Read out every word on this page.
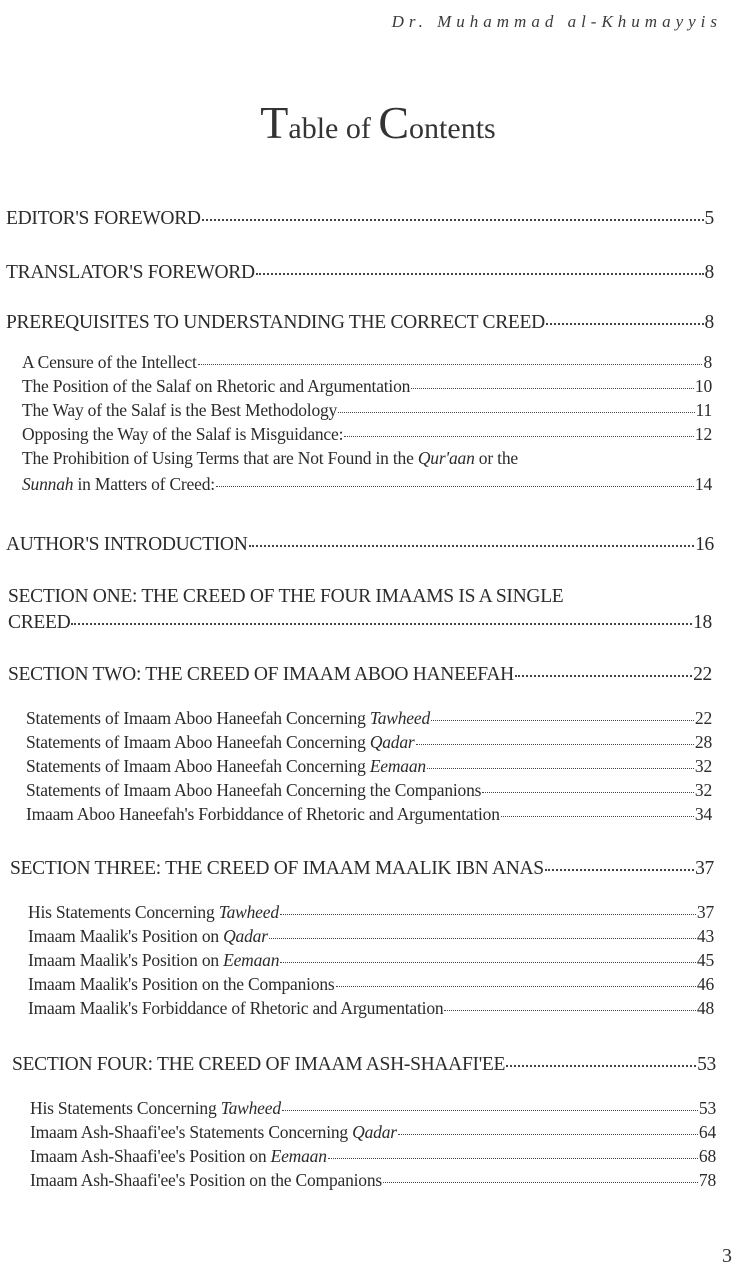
Dr. Muhammad al-Khumayyis
Table of Contents
EDITOR'S FOREWORD	5
TRANSLATOR'S FOREWORD	8
PREREQUISITES TO UNDERSTANDING THE CORRECT CREED	8
A Censure of the Intellect	8
The Position of the Salaf on Rhetoric and Argumentation	10
The Way of the Salaf is the Best Methodology	11
Opposing the Way of the Salaf is Misguidance:	12
The Prohibition of Using Terms that are Not Found in the Qur'aan or the
Sunnah in Matters of Creed:	14
AUTHOR'S INTRODUCTION	16
SECTION ONE: THE CREED OF THE FOUR IMAAMS IS A SINGLE
CREED	18
SECTION TWO: THE CREED OF IMAAM ABOO HANEEFAH	22
Statements of Imaam Aboo Haneefah Concerning Tawheed	22
Statements of Imaam Aboo Haneefah Concerning Qadar	28
Statements of Imaam Aboo Haneefah Concerning Eemaan	32
Statements of Imaam Aboo Haneefah Concerning the Companions	32
Imaam Aboo Haneefah's Forbiddance of Rhetoric and Argumentation	34
SECTION THREE: THE CREED OF IMAAM MAALIK IBN ANAS	37
His Statements Concerning Tawheed	37
Imaam Maalik's Position on Qadar	43
Imaam Maalik's Position on Eemaan	45
Imaam Maalik's Position on the Companions	46
Imaam Maalik's Forbiddance of Rhetoric and Argumentation	48
SECTION FOUR: THE CREED OF IMAAM ASH-SHAAFI'EE	53
His Statements Concerning Tawheed	53
Imaam Ash-Shaafi'ee's Statements Concerning Qadar	64
Imaam Ash-Shaafi'ee's Position on Eemaan	68
Imaam Ash-Shaafi'ee's Position on the Companions	78
3
